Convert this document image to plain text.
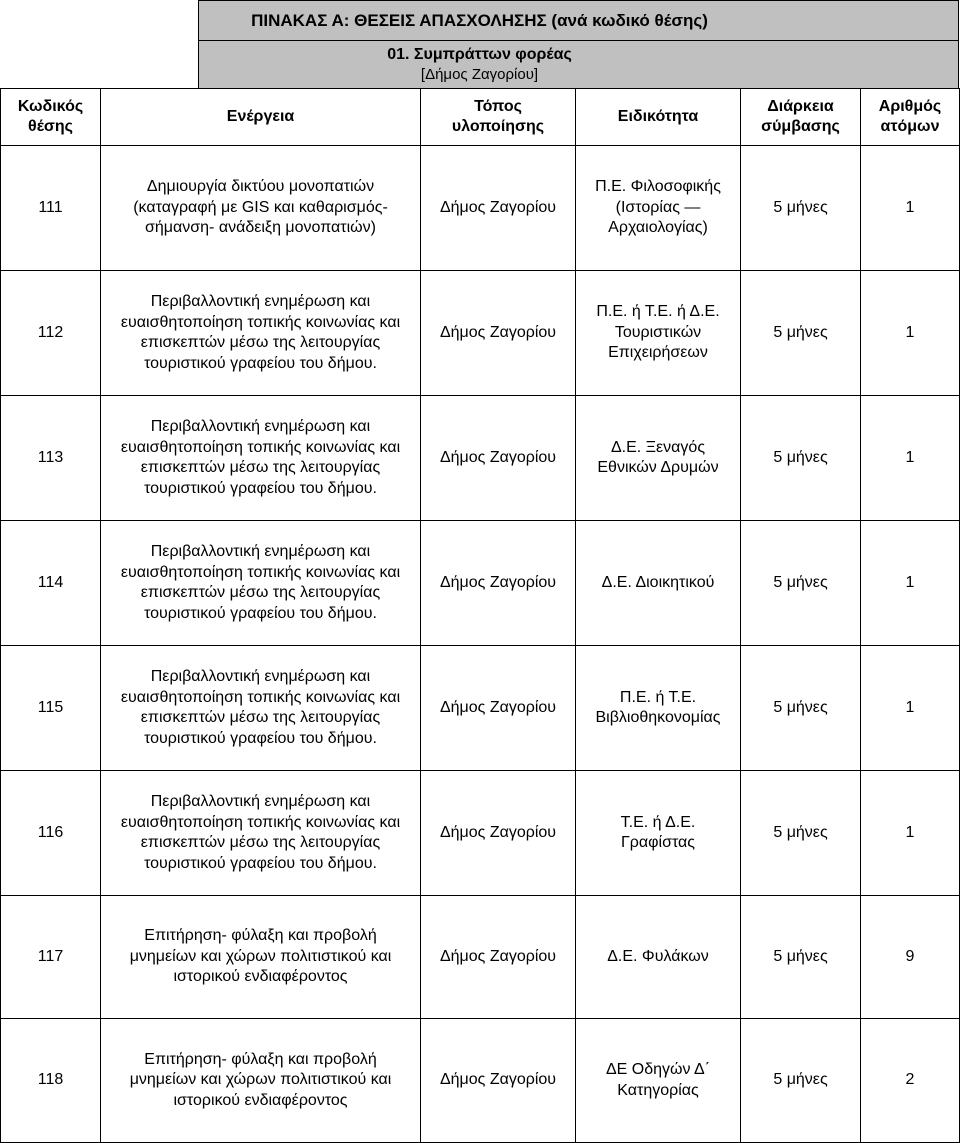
ΠΙΝΑΚΑΣ Α: ΘΕΣΕΙΣ ΑΠΑΣΧΟΛΗΣΗΣ (ανά κωδικό θέσης)
01. Συμπράττων φορέας
[Δήμος Ζαγορίου]
Κωδικός
θέσης	Ενέργεια	Τόπος
υλοποίησης	Ειδικότητα	Διάρκεια
σύμβασης	Αριθμός
ατόμων
111	Δημιουργία δικτύου μονοπατιών
(καταγραφή με GIS και καθαρισμός-
σήμανση- ανάδειξη μονοπατιών)	Δήμος Ζαγορίου	Π.Ε. Φιλοσοφικής
(Ιστορίας —
Αρχαιολογίας)	5 μήνες	1
112	Περιβαλλοντική ενημέρωση και
ευαισθητοποίηση τοπικής κοινωνίας και
επισκεπτών μέσω της λειτουργίας
τουριστικού γραφείου του δήμου.	Δήμος Ζαγορίου	Π.Ε. ή Τ.Ε. ή Δ.Ε.
Τουριστικών
Επιχειρήσεων	5 μήνες	1
113	Περιβαλλοντική ενημέρωση και
ευαισθητοποίηση τοπικής κοινωνίας και
επισκεπτών μέσω της λειτουργίας
τουριστικού γραφείου του δήμου.	Δήμος Ζαγορίου	Δ.Ε. Ξεναγός
Εθνικών Δρυμών	5 μήνες	1
114	Περιβαλλοντική ενημέρωση και
ευαισθητοποίηση τοπικής κοινωνίας και
επισκεπτών μέσω της λειτουργίας
τουριστικού γραφείου του δήμου.	Δήμος Ζαγορίου	Δ.Ε. Διοικητικού	5 μήνες	1
115	Περιβαλλοντική ενημέρωση και
ευαισθητοποίηση τοπικής κοινωνίας και
επισκεπτών μέσω της λειτουργίας
τουριστικού γραφείου του δήμου.	Δήμος Ζαγορίου	Π.Ε. ή Τ.Ε.
Βιβλιοθηκονομίας	5 μήνες	1
116	Περιβαλλοντική ενημέρωση και
ευαισθητοποίηση τοπικής κοινωνίας και
επισκεπτών μέσω της λειτουργίας
τουριστικού γραφείου του δήμου.	Δήμος Ζαγορίου	Τ.Ε. ή Δ.Ε.
Γραφίστας	5 μήνες	1
117	Επιτήρηση- φύλαξη και προβολή
μνημείων και χώρων πολιτιστικού και
ιστορικού ενδιαφέροντος	Δήμος Ζαγορίου	Δ.Ε. Φυλάκων	5 μήνες	9
118	Επιτήρηση- φύλαξη και προβολή
μνημείων και χώρων πολιτιστικού και
ιστορικού ενδιαφέροντος	Δήμος Ζαγορίου	ΔΕ Οδηγών Δ΄
Κατηγορίας	5 μήνες	2
